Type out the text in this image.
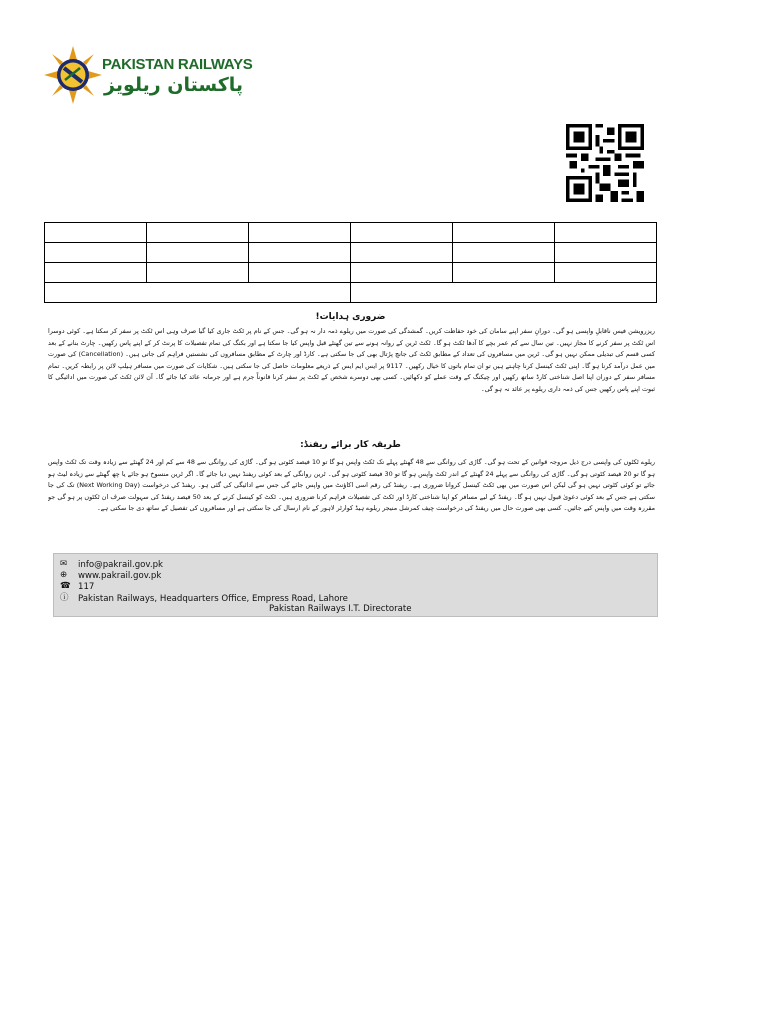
PAKISTAN RAILWAYS
پاکستان ریلویز

ضروری ہدایات!
ریزرویشن فیس ناقابلِ واپسی ہو گی۔ دورانِ سفر اپنے سامان کی خود حفاظت کریں۔ گمشدگی کی صورت میں ریلوے ذمہ دار نہ ہو گی۔ جس کے نام پر ٹکٹ جاری کیا گیا صرف وہی اس ٹکٹ پر سفر کر سکتا ہے۔ کوئی دوسرا اس ٹکٹ پر سفر کرنے کا مجاز نہیں۔ تین سال سے کم عمر بچے کا آدھا ٹکٹ ہو گا۔ ٹکٹ ٹرین کے روانہ ہونے سے تین گھنٹے قبل واپس کیا جا سکتا ہے اور بکنگ کی تمام تفصیلات کا پرنٹ کر کے اپنے پاس رکھیں۔ چارٹ بنانے کے بعد کسی قسم کی تبدیلی ممکن نہیں ہو گی۔ ٹرین میں مسافروں کی تعداد کے مطابق ٹکٹ کی جانچ پڑتال بھی کی جا سکتی ہے۔ کارڈ اور چارٹ کے مطابق مسافروں کی نشستیں فراہم کی جاتی ہیں۔ (Cancellation) کی صورت میں عمل درآمد کرنا ہو گا۔ اپنی ٹکٹ کینسل کرنا چاہتے ہیں تو ان تمام باتوں کا خیال رکھیں۔ 9117 پر ایس ایم ایس کے ذریعے معلومات حاصل کی جا سکتی ہیں۔ شکایات کی صورت میں مسافر ہیلپ لائن پر رابطہ کریں۔ تمام مسافر سفر کے دوران اپنا اصل شناختی کارڈ ساتھ رکھیں اور چیکنگ کے وقت عملے کو دکھائیں۔ کسی بھی دوسرے شخص کے ٹکٹ پر سفر کرنا قانوناً جرم ہے اور جرمانہ عائد کیا جائے گا۔ آن لائن ٹکٹ کی صورت میں ادائیگی کا ثبوت اپنے پاس رکھیں جس کی ذمہ داری ریلوے پر عائد نہ ہو گی۔
طریقہ کار برائے ریفنڈ:
ریلوے ٹکٹوں کی واپسی درج ذیل مروجہ قوانین کے تحت ہو گی۔ گاڑی کی روانگی سے 48 گھنٹے پہلے تک ٹکٹ واپس ہو گا تو 10 فیصد کٹوتی ہو گی۔ گاڑی کی روانگی سے 48 سے کم اور 24 گھنٹے سے زیادہ وقت تک ٹکٹ واپس ہو گا تو 20 فیصد کٹوتی ہو گی۔ گاڑی کی روانگی سے پہلے 24 گھنٹے کے اندر ٹکٹ واپس ہو گا تو 30 فیصد کٹوتی ہو گی۔ ٹرین روانگی کے بعد کوئی ریفنڈ نہیں دیا جائے گا۔ اگر ٹرین منسوخ ہو جائے یا چھ گھنٹے سے زیادہ لیٹ ہو جائے تو کوئی کٹوتی نہیں ہو گی لیکن اس صورت میں بھی ٹکٹ کینسل کروانا ضروری ہے۔ ریفنڈ کی رقم اسی اکاؤنٹ میں واپس جائے گی جس سے ادائیگی کی گئی ہو۔ ریفنڈ کی درخواست (Next Working Day) تک کی جا سکتی ہے جس کے بعد کوئی دعویٰ قبول نہیں ہو گا۔ ریفنڈ کے لیے مسافر کو اپنا شناختی کارڈ اور ٹکٹ کی تفصیلات فراہم کرنا ضروری ہیں۔ ٹکٹ کو کینسل کرنے کے بعد 50 فیصد ریفنڈ کی سہولت صرف ان ٹکٹوں پر ہو گی جو مقررہ وقت میں واپس کیے جائیں۔ کسی بھی صورت حال میں ریفنڈ کی درخواست چیف کمرشل منیجر ریلوے ہیڈ کوارٹر لاہور کے نام ارسال کی جا سکتی ہے اور مسافروں کی تفصیل کے ساتھ دی جا سکتی ہے۔
✉	info@pakrail.gov.pk
⊕	www.pakrail.gov.pk
☎ 117
ⓘ	Pakistan Railways, Headquarters Office, Empress Road, Lahore
Pakistan Railways I.T. Directorate
